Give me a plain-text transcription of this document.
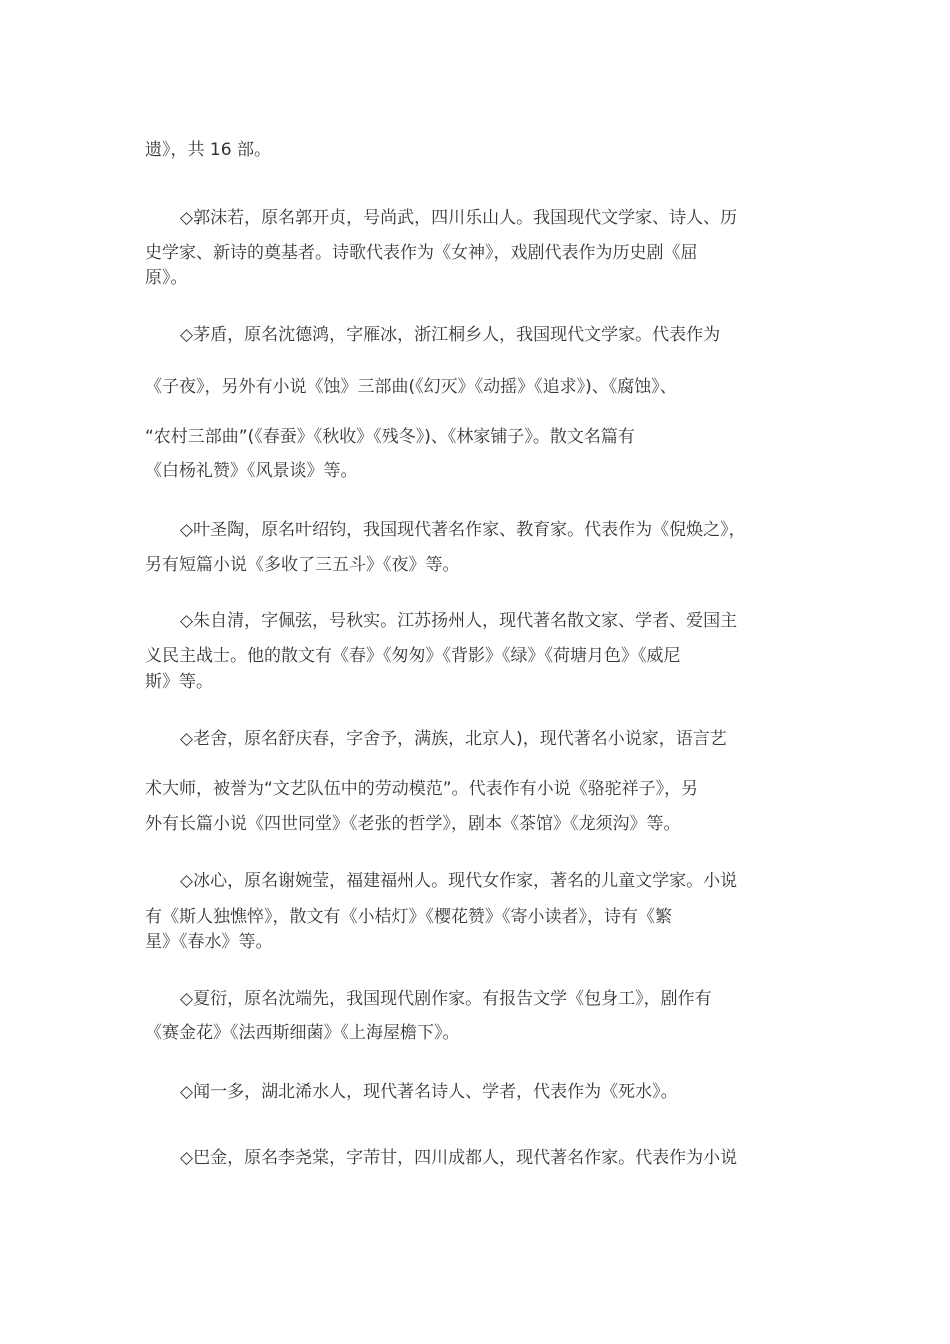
遗》，共 16 部。

◇郭沫若，原名郭开贞，号尚武，四川乐山人。我国现代文学家、诗人、历

史学家、新诗的奠基者。诗歌代表作为《女神》，戏剧代表作为历史剧《屈

原》。

◇茅盾，原名沈德鸿，字雁冰，浙江桐乡人，我国现代文学家。代表作为

《子夜》，另外有小说《蚀》三部曲(《幻灭》《动摇》《追求》)、《腐蚀》、

“农村三部曲”(《春蚕》《秋收》《残冬》)、《林家铺子》。散文名篇有

《白杨礼赞》《风景谈》等。

◇叶圣陶，原名叶绍钧，我国现代著名作家、教育家。代表作为《倪焕之》，

另有短篇小说《多收了三五斗》《夜》等。

◇朱自清，字佩弦，号秋实。江苏扬州人，现代著名散文家、学者、爱国主

义民主战士。他的散文有《春》《匆匆》《背影》《绿》《荷塘月色》《威尼

斯》等。

◇老舍，原名舒庆春，字舍予，满族，北京人)，现代著名小说家，语言艺

术大师，被誉为“文艺队伍中的劳动模范”。代表作有小说《骆驼祥子》，另

外有长篇小说《四世同堂》《老张的哲学》，剧本《茶馆》《龙须沟》等。

◇冰心，原名谢婉莹，福建福州人。现代女作家，著名的儿童文学家。小说

有《斯人独憔悴》，散文有《小桔灯》《樱花赞》《寄小读者》，诗有《繁

星》《春水》等。

◇夏衍，原名沈端先，我国现代剧作家。有报告文学《包身工》，剧作有

《赛金花》《法西斯细菌》《上海屋檐下》。

◇闻一多，湖北浠水人，现代著名诗人、学者，代表作为《死水》。

◇巴金，原名李尧棠，字芾甘，四川成都人，现代著名作家。代表作为小说
